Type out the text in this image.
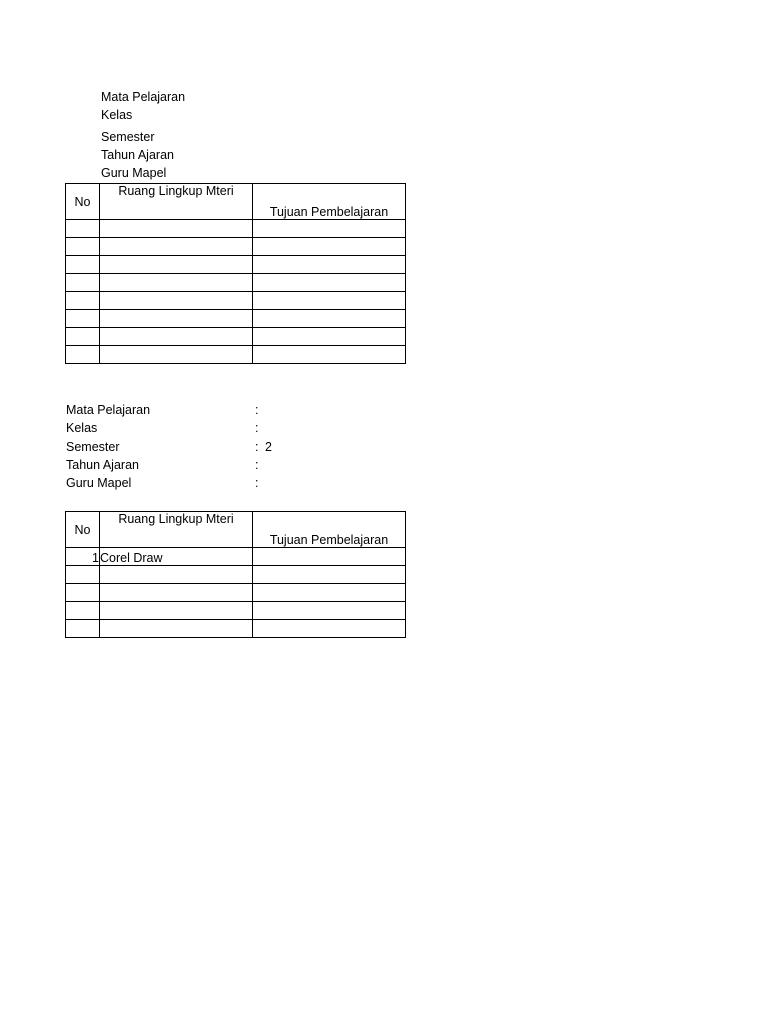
Mata Pelajaran
Kelas
Semester
Tahun Ajaran
Guru Mapel
No	Ruang Lingkup Mteri	Tujuan Pembelajaran

Mata Pelajaran	:
Kelas	:
Semester	: 2
Tahun Ajaran	:
Guru Mapel	:
No	Ruang Lingkup Mteri	Tujuan Pembelajaran
1	Corel Draw	
